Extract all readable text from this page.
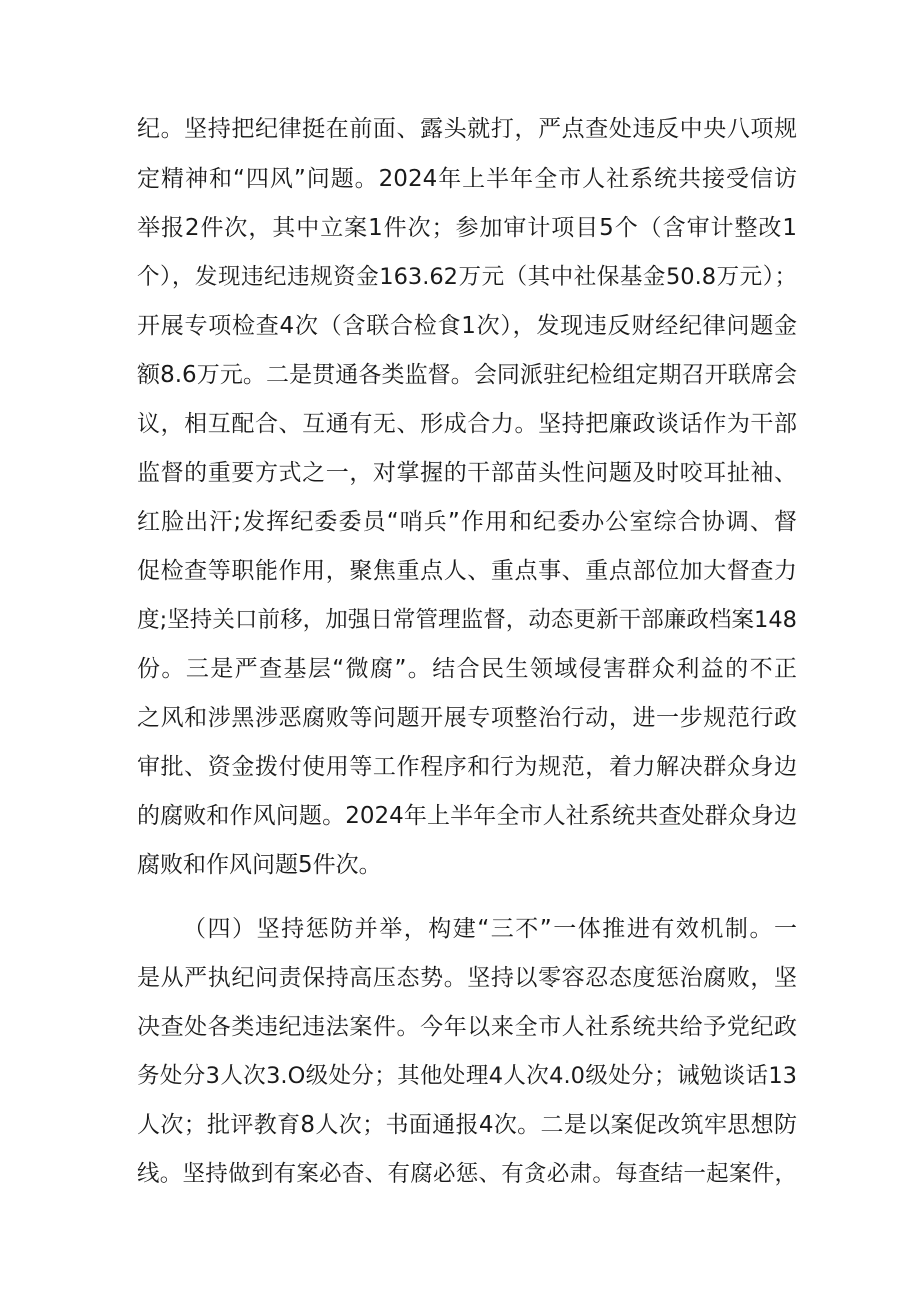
纪。坚持把纪律挺在前面、露头就打，严点查处违反中央八项规
定精神和“四风”问题。2024年上半年全市人社系统共接受信访
举报2件次，其中立案1件次；参加审计项目5个（含审计整改1
个），发现违纪违规资金163.62万元（其中社保基金50.8万元）；
开展专项检查4次（含联合检食1次），发现违反财经纪律问题金
额8.6万元。二是贯通各类监督。会同派驻纪检组定期召开联席会
议，相互配合、互通有无、形成合力。坚持把廉政谈话作为干部
监督的重要方式之一，对掌握的干部苗头性问题及时咬耳扯袖、
红脸出汗;发挥纪委委员“哨兵”作用和纪委办公室综合协调、督
促检查等职能作用，聚焦重点人、重点事、重点部位加大督查力
度;坚持关口前移，加强日常管理监督，动态更新干部廉政档案148
份。三是严查基层“微腐”。结合民生领域侵害群众利益的不正
之风和涉黑涉恶腐败等问题开展专项整治行动，进一步规范行政
审批、资金拨付使用等工作程序和行为规范，着力解决群众身边
的腐败和作风问题。2024年上半年全市人社系统共查处群众身边
腐败和作风问题5件次。
（四）坚持惩防并举，构建“三不”一体推进有效机制。一
是从严执纪问责保持高压态势。坚持以零容忍态度惩治腐败，坚
决查处各类违纪违法案件。今年以来全市人社系统共给予党纪政
务处分3人次3.O级处分；其他处理4人次4.0级处分；诫勉谈话13
人次；批评教育8人次；书面通报4次。二是以案促改筑牢思想防
线。坚持做到有案必杳、有腐必惩、有贪必肃。每查结一起案件，
